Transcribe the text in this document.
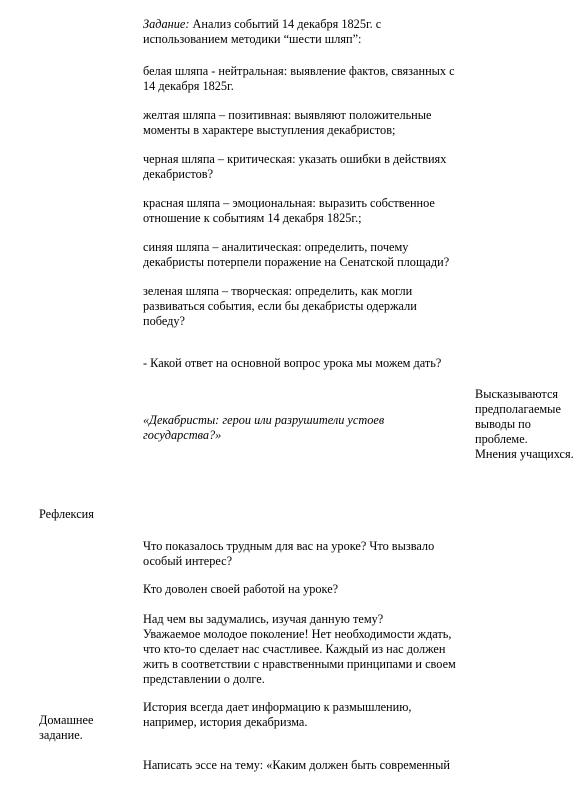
Задание: Анализ событий 14 декабря 1825г. с
использованием методики “шести шляп”:

белая шляпа - нейтральная: выявление фактов, связанных с
14 декабря 1825г.

желтая шляпа – позитивная: выявляют положительные
моменты в характере выступления декабристов;

черная шляпа – критическая: указать ошибки в действиях
декабристов?

красная шляпа – эмоциональная: выразить собственное
отношение к событиям 14 декабря 1825г.;

синяя шляпа – аналитическая: определить, почему
декабристы потерпели поражение на Сенатской площади?

зеленая шляпа – творческая: определить, как могли
развиваться события, если бы декабристы одержали
победу?

- Какой ответ на основной вопрос урока мы можем дать?

«Декабристы: герои или разрушители устоев
государства?»

Высказываются
предполагаемые
выводы по
проблеме.
Мнения учащихся.

Рефлексия

Что показалось трудным для вас на уроке? Что вызвало
особый интерес?

Кто доволен своей работой на уроке?

Над чем вы задумались, изучая данную тему?
Уважаемое молодое поколение! Нет необходимости ждать,
что кто-то сделает нас счастливее. Каждый из нас должен
жить в соответствии с нравственными принципами и своем
представлении о долге.

История всегда дает информацию к размышлению,
например, история декабризма.

Домашнее
задание.

Написать эссе на тему: «Каким должен быть современный
